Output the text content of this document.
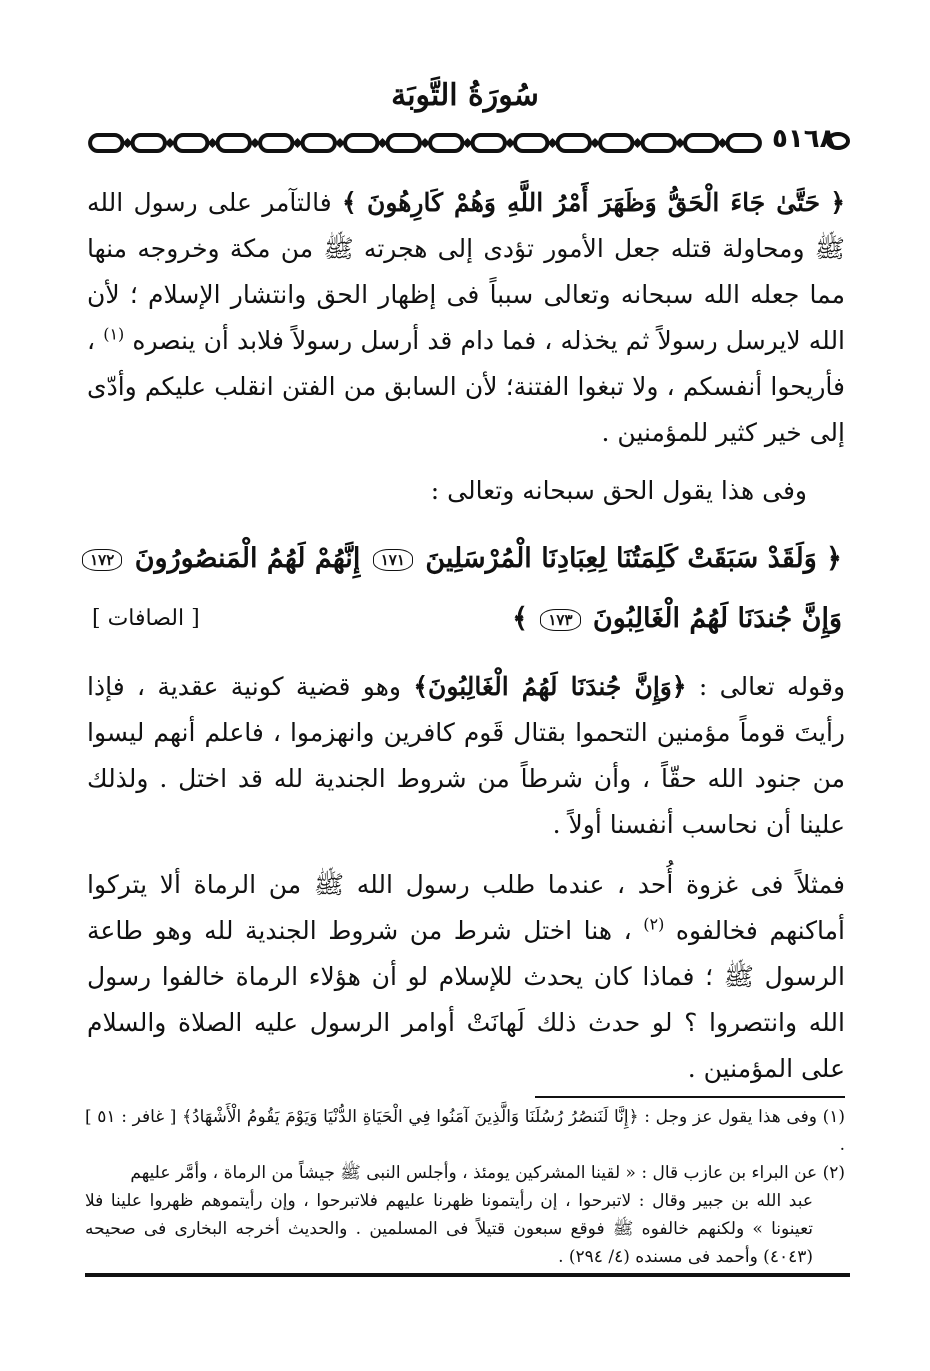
سُورَةُ التَّوبَة
٥١٦٨

﴿ حَتَّىٰ جَاءَ الْحَقُّ وَظَهَرَ أَمْرُ اللَّهِ وَهُمْ كَارِهُونَ ﴾ فالتآمر على رسول الله ﷺ ومحاولة قتله جعل الأمور تؤدى إلى هجرته ﷺ من مكة وخروجه منها مما جعله الله سبحانه وتعالى سبباً فى إظهار الحق وانتشار الإسلام ؛ لأن الله لايرسل رسولاً ثم يخذله ، فما دام قد أرسل رسولاً فلابد أن ينصره $^{(١)}$ ، فأريحوا أنفسكم ، ولا تبغوا الفتنة؛ لأن السابق من الفتن انقلب عليكم وأدّى إلى خير كثير للمؤمنين .

وفى هذا يقول الحق سبحانه وتعالى :

﴿ وَلَقَدْ سَبَقَتْ كَلِمَتُنَا لِعِبَادِنَا الْمُرْسَلِينَ ١٧١ إِنَّهُمْ لَهُمُ الْمَنصُورُونَ ١٧٢
وَإِنَّ جُندَنَا لَهُمُ الْغَالِبُونَ ١٧٣ ﴾
[ الصافات ]

وقوله تعالى : ﴿وَإِنَّ جُندَنَا لَهُمُ الْغَالِبُونَ﴾ وهو قضية كونية عقدية ، فإذا رأيتَ قوماً مؤمنين التحموا بقتال قَوم كافرين وانهزموا ، فاعلم أنهم ليسوا من جنود الله حقّاً ، وأن شرطاً من شروط الجندية لله قد اختل . ولذلك علينا أن نحاسب أنفسنا أولاً .

فمثلاً فى غزوة أُحد ، عندما طلب رسول الله ﷺ من الرماة ألا يتركوا أماكنهم فخالفوه $^{(٢)}$ ، هنا اختل شرط من شروط الجندية لله وهو طاعة الرسول ﷺ ؛ فماذا كان يحدث للإسلام لو أن هؤلاء الرماة خالفوا رسول الله وانتصروا ؟ لو حدث ذلك لَهانَتْ أوامر الرسول عليه الصلاة والسلام على المؤمنين .

(١) وفى هذا يقول عز وجل : ﴿إِنَّا لَنَنصُرُ رُسُلَنَا وَالَّذِينَ آمَنُوا فِي الْحَيَاةِ الدُّنْيَا وَيَوْمَ يَقُومُ الْأَشْهَادُ﴾ [ غافر : ٥١ ] .

(٢) عن البراء بن عازب قال : « لقينا المشركين يومئذ ، وأجلس النبى ﷺ جيشاً من الرماة ، وأمَّر عليهم

عبد الله بن جبير وقال : لاتبرحوا ، إن رأيتمونا ظهرنا عليهم فلاتبرحوا ، وإن رأيتموهم ظهروا علينا فلا تعينونا » ولكنهم خالفوه ﷺ فوقع سبعون قتيلاً فى المسلمين . والحديث أخرجه البخارى فى صحيحه (٤٠٤٣) وأحمد فى مسنده (٤/ ٢٩٤) .
